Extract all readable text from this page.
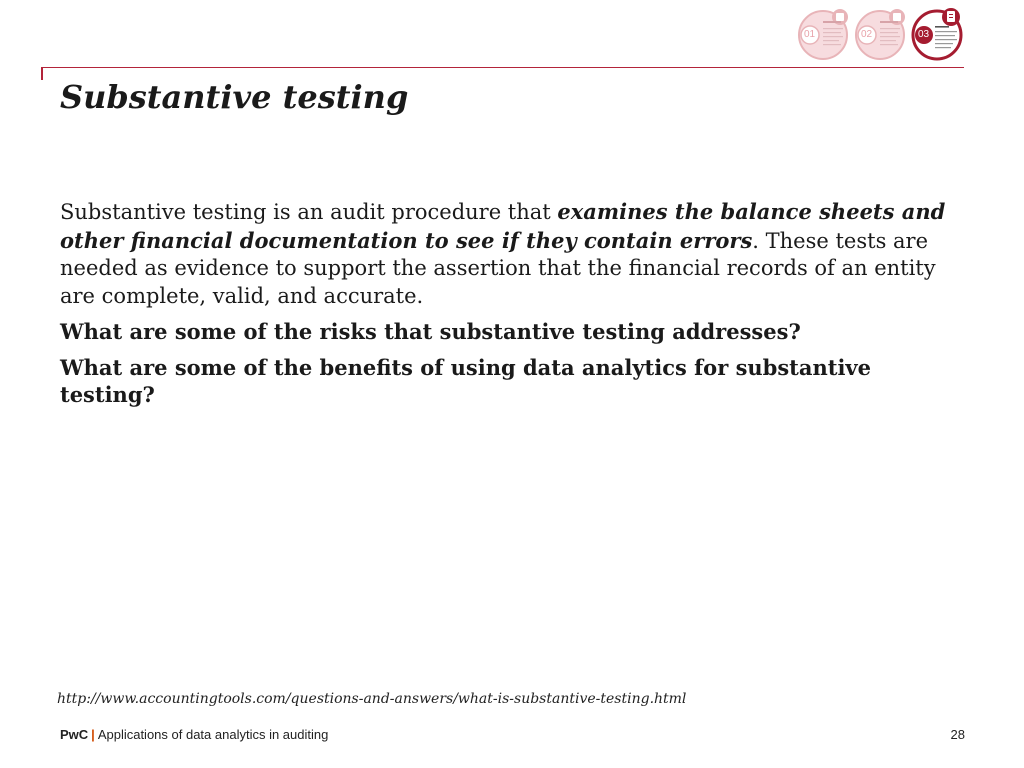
01	02	03
Substantive testing

Substantive testing is an audit procedure that examines the balance sheets and other financial documentation to see if they contain errors. These tests are needed as evidence to support the assertion that the financial records of an entity are complete, valid, and accurate.

What are some of the risks that substantive testing addresses?

What are some of the benefits of using data analytics for substantive testing?

http://www.accountingtools.com/questions-and-answers/what-is-substantive-testing.html
PwC | Applications of data analytics in auditing	28
